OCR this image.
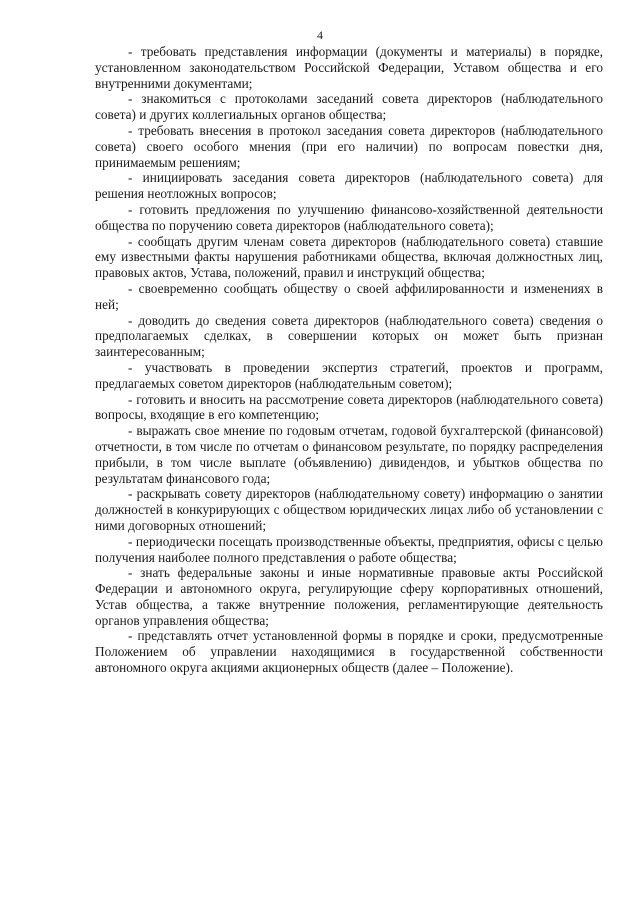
4

- требовать представления информации (документы и материалы) в порядке, установленном законодательством Российской Федерации, Уставом общества и его внутренними документами;

- знакомиться с протоколами заседаний совета директоров (наблюдательного совета) и других коллегиальных органов общества;

- требовать внесения в протокол заседания совета директоров (наблюдательного совета) своего особого мнения (при его наличии) по вопросам повестки дня, принимаемым решениям;

- инициировать заседания совета директоров (наблюдательного совета) для решения неотложных вопросов;

- готовить предложения по улучшению финансово-хозяйственной деятельности общества по поручению совета директоров (наблюдательного совета);

- сообщать другим членам совета директоров (наблюдательного совета) ставшие ему известными факты нарушения работниками общества, включая должностных лиц, правовых актов, Устава, положений, правил и инструкций общества;

- своевременно сообщать обществу о своей аффилированности и изменениях в ней;

- доводить до сведения совета директоров (наблюдательного совета) сведения о предполагаемых сделках, в совершении которых он может быть признан заинтересованным;

- участвовать в проведении экспертиз стратегий, проектов и программ, предлагаемых советом директоров (наблюдательным советом);

- готовить и вносить на рассмотрение совета директоров (наблюдательного совета) вопросы, входящие в его компетенцию;

- выражать свое мнение по годовым отчетам, годовой бухгалтерской (финансовой) отчетности, в том числе по отчетам о финансовом результате, по порядку распределения прибыли, в том числе выплате (объявлению) дивидендов, и убытков общества по результатам финансового года;

- раскрывать совету директоров (наблюдательному совету) информацию о занятии должностей в конкурирующих с обществом юридических лицах либо об установлении с ними договорных отношений;

- периодически посещать производственные объекты, предприятия, офисы с целью получения наиболее полного представления о работе общества;

- знать федеральные законы и иные нормативные правовые акты Российской Федерации и автономного округа, регулирующие сферу корпоративных отношений, Устав общества, а также внутренние положения, регламентирующие деятельность органов управления общества;

- представлять отчет установленной формы в порядке и сроки, предусмотренные Положением об управлении находящимися в государственной собственности автономного округа акциями акционерных обществ (далее – Положение).
